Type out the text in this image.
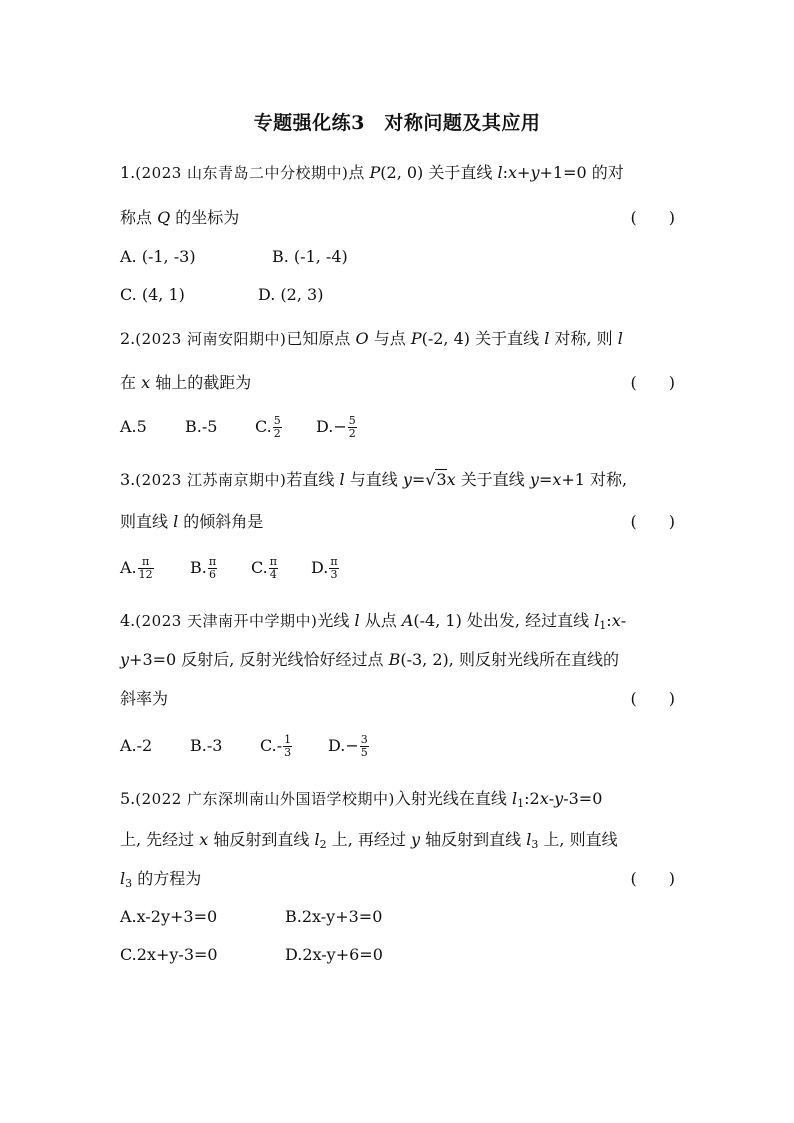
专题强化练3　对称问题及其应用
1.(2023 山东青岛二中分校期中)点 P(2, 0) 关于直线 l:x+y+1=0 的对
称点 Q 的坐标为	(　　)
A. (-1, -3)	B. (-1, -4)
C. (4, 1)	D. (2, 3)
2.(2023 河南安阳期中)已知原点 O 与点 P(-2, 4) 关于直线 l 对称, 则 l
在 x 轴上的截距为	(　　)
A.5 B.-5 C. $\frac{5}{2} D.- \frac{5}{2}$
3.(2023 江苏南京期中)若直线 l 与直线 y=√3x 关于直线 y=x+1 对称,
则直线 l 的倾斜角是	(　　)
A. $\frac{\pi}{12} B$. $\frac{\pi}{6} C$. $\frac{\pi}{4} D$. $\frac{\pi}{3}$
4.(2023 天津南开中学期中)光线 l 从点 A(-4, 1) 处出发, 经过直线 $l_1:x-$
y+3=0 反射后, 反射光线恰好经过点 B(-3, 2), 则反射光线所在直线的
斜率为	(　　)
A.-2 B.-3 $C.- \frac{1}{3} D.- \frac{3}{5}$
5.(2022 广东深圳南山外国语学校期中)入射光线在直线 $l_1:2x-y-3=0$
上, 先经过 x 轴反射到直线 $l_2$ 上, 再经过 y 轴反射到直线 $l_3$ 上, 则直线
$l_3$ 的方程为	(　　)
A.x-2y+3=0	B.2x-y+3=0
C.2x+y-3=0	D.2x-y+6=0
